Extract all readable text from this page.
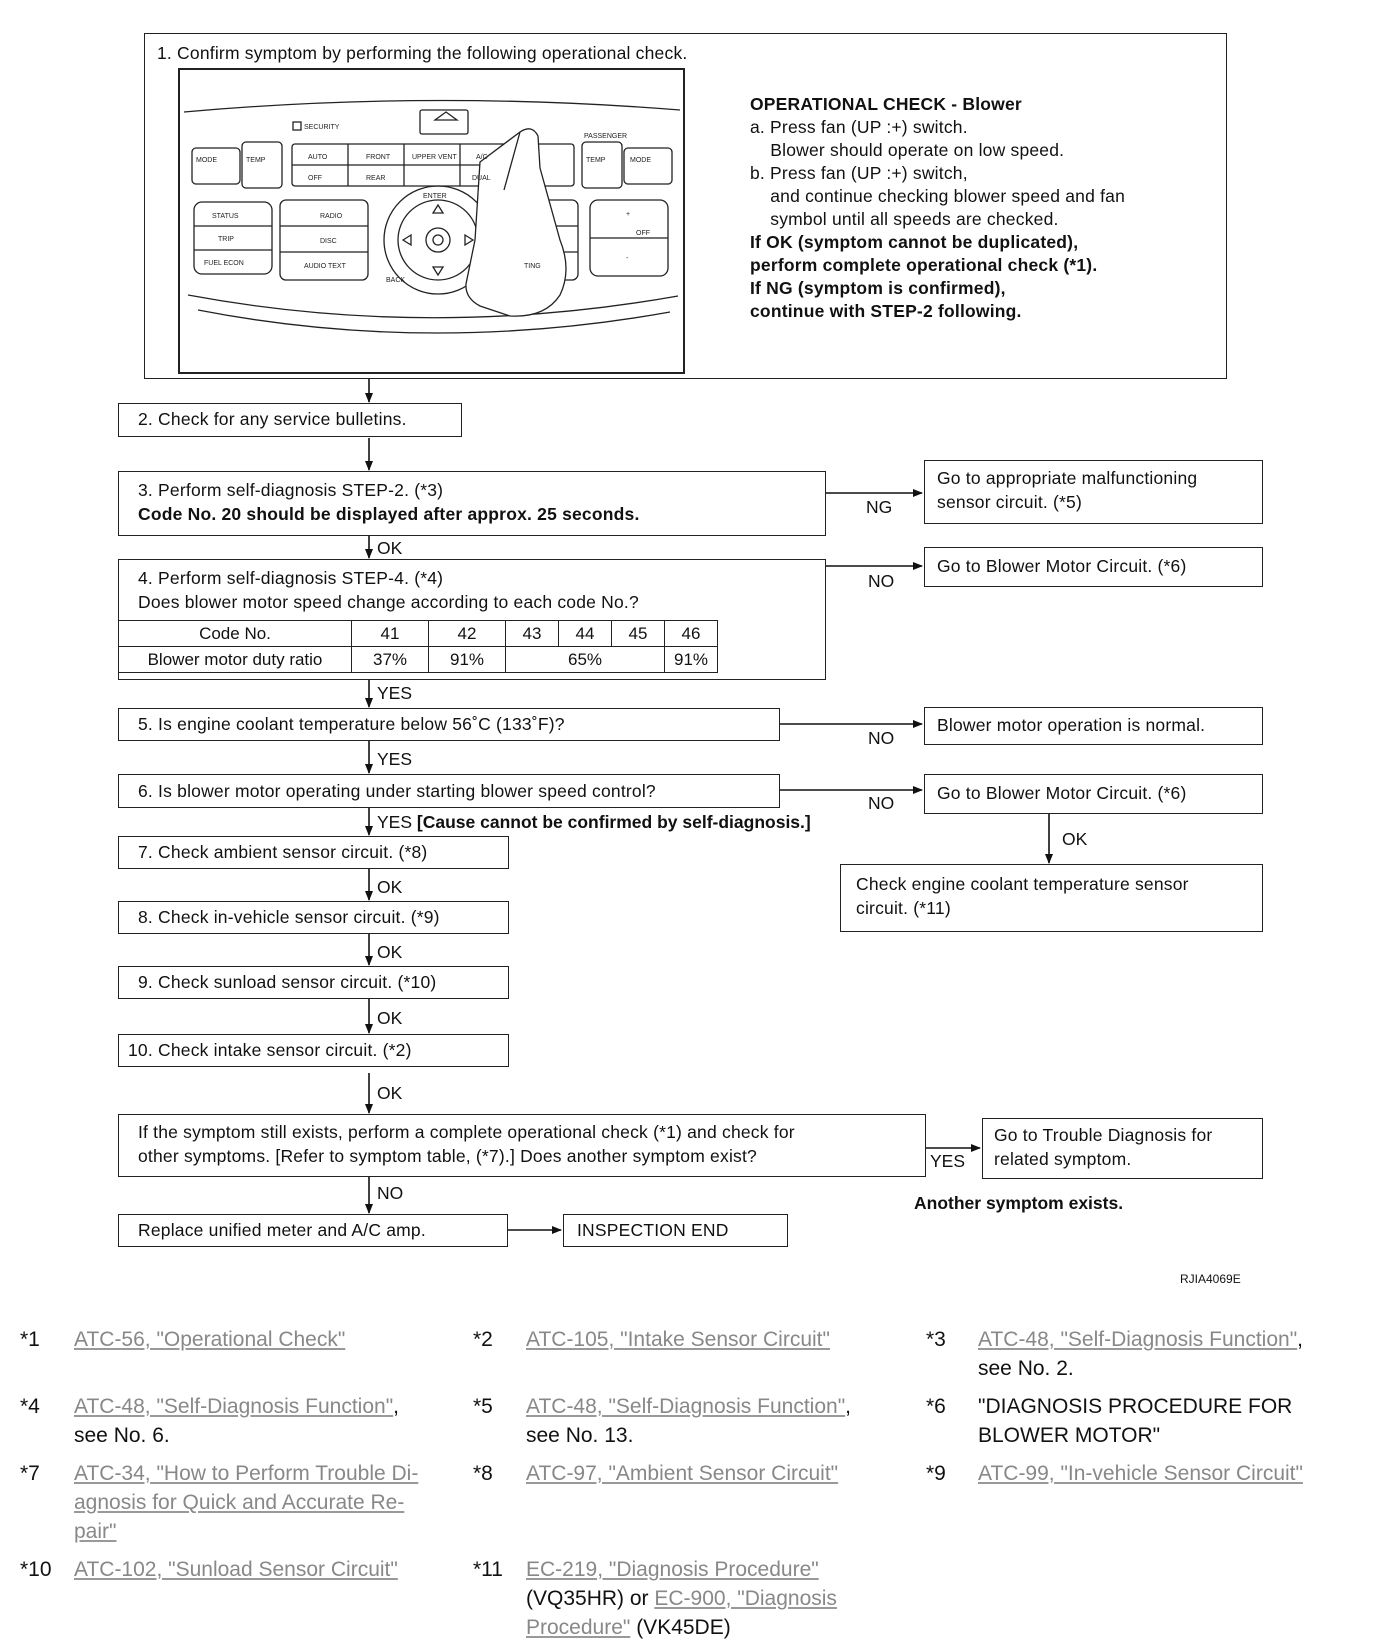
1. Confirm symptom by performing the following operational check.
SECURITY
MODE	TEMP	AUTO	FRONT	UPPER VENT	A/C
OFF	REAR	DUAL
PASSENGER
TEMP	MODE
STATUS
TRIP
FUEL ECON
RADIO
DISC
AUDIO TEXT
ENTER
BACK
TING
+
OFF
-
OPERATIONAL CHECK - Blower
a. Press fan (UP :+) switch.
Blower should operate on low speed.
b. Press fan (UP :+) switch,
and continue checking blower speed and fan
symbol until all speeds are checked.
If OK (symptom cannot be duplicated),
perform complete operational check (*1).
If NG (symptom is confirmed),
continue with STEP-2 following.
2. Check for any service bulletins.
3. Perform self-diagnosis STEP-2. (*3)
Code No. 20 should be displayed after approx. 25 seconds.
4. Perform self-diagnosis STEP-4. (*4)
Does blower motor speed change according to each code No.?
Code No.	41	42	43	44	45	46
Blower motor duty ratio	37%	91%	65%			91%
5. Is engine coolant temperature below 56˚C (133˚F)?
6. Is blower motor operating under starting blower speed control?
7. Check ambient sensor circuit. (*8)
8. Check in-vehicle sensor circuit. (*9)
9. Check sunload sensor circuit. (*10)
10. Check intake sensor circuit. (*2)
If the symptom still exists, perform a complete operational check (*1) and check for
other symptoms. [Refer to symptom table, (*7).] Does another symptom exist?
Replace unified meter and A/C amp.	INSPECTION END
Go to appropriate malfunctioning
sensor circuit. (*5)
Go to Blower Motor Circuit. (*6)
Blower motor operation is normal.
Go to Blower Motor Circuit. (*6)
Check engine coolant temperature sensor
circuit. (*11)
Go to Trouble Diagnosis for
related symptom.
NG
OK
NO
YES
NO
YES
NO
YES [Cause cannot be confirmed by self-diagnosis.]
OK
OK
OK
OK
OK
YES
NO	Another symptom exists.
RJIA4069E
*1 ATC-56, "Operational Check"	*2 ATC-105, "Intake Sensor Circuit"	*3 ATC-48, "Self-Diagnosis Function",
see No. 2.
*4 ATC-48, "Self-Diagnosis Function",
see No. 6.
*5 ATC-48, "Self-Diagnosis Function",
see No. 13.
*6 "DIAGNOSIS PROCEDURE FOR
BLOWER MOTOR"
*7 ATC-34, "How to Perform Trouble Di-
agnosis for Quick and Accurate Re-
pair"
*8 ATC-97, "Ambient Sensor Circuit"	*9 ATC-99, "In-vehicle Sensor Circuit"
*10 ATC-102, "Sunload Sensor Circuit"	*11 EC-219, "Diagnosis Procedure"
(VQ35HR) or EC-900, "Diagnosis
Procedure" (VK45DE)
